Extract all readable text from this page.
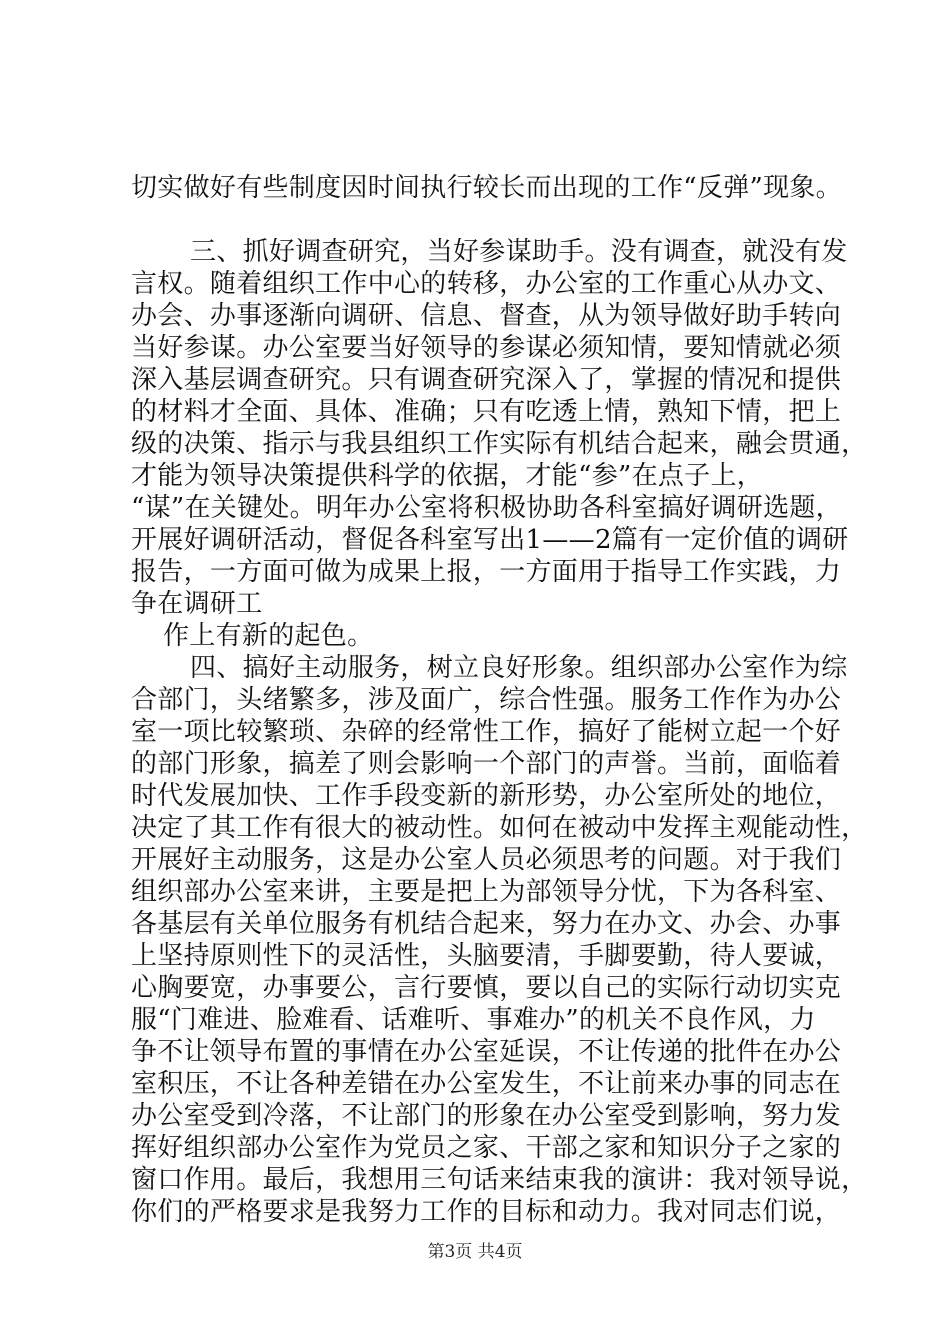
切实做好有些制度因时间执行较长而出现的工作“反弹”现象。
三、抓好调查研究，当好参谋助手。没有调查，就没有发
言权。随着组织工作中心的转移，办公室的工作重心从办文、
办会、办事逐渐向调研、信息、督查，从为领导做好助手转向
当好参谋。办公室要当好领导的参谋必须知情，要知情就必须
深入基层调查研究。只有调查研究深入了，掌握的情况和提供
的材料才全面、具体、准确；只有吃透上情，熟知下情，把上
级的决策、指示与我县组织工作实际有机结合起来，融会贯通，
才能为领导决策提供科学的依据，才能“参”在点子上，
“谋”在关键处。明年办公室将积极协助各科室搞好调研选题，
开展好调研活动，督促各科室写出1——2篇有一定价值的调研
报告，一方面可做为成果上报，一方面用于指导工作实践，力
争在调研工
作上有新的起色。
四、搞好主动服务，树立良好形象。组织部办公室作为综
合部门，头绪繁多，涉及面广，综合性强。服务工作作为办公
室一项比较繁琐、杂碎的经常性工作，搞好了能树立起一个好
的部门形象，搞差了则会影响一个部门的声誉。当前，面临着
时代发展加快、工作手段变新的新形势，办公室所处的地位，
决定了其工作有很大的被动性。如何在被动中发挥主观能动性，
开展好主动服务，这是办公室人员必须思考的问题。对于我们
组织部办公室来讲，主要是把上为部领导分忧，下为各科室、
各基层有关单位服务有机结合起来，努力在办文、办会、办事
上坚持原则性下的灵活性，头脑要清，手脚要勤，待人要诚，
心胸要宽，办事要公，言行要慎，要以自己的实际行动切实克
服“门难进、脸难看、话难听、事难办”的机关不良作风，力
争不让领导布置的事情在办公室延误，不让传递的批件在办公
室积压，不让各种差错在办公室发生，不让前来办事的同志在
办公室受到冷落，不让部门的形象在办公室受到影响，努力发
挥好组织部办公室作为党员之家、干部之家和知识分子之家的
窗口作用。最后，我想用三句话来结束我的演讲：我对领导说，
你们的严格要求是我努力工作的目标和动力。我对同志们说，
第3页 共4页
